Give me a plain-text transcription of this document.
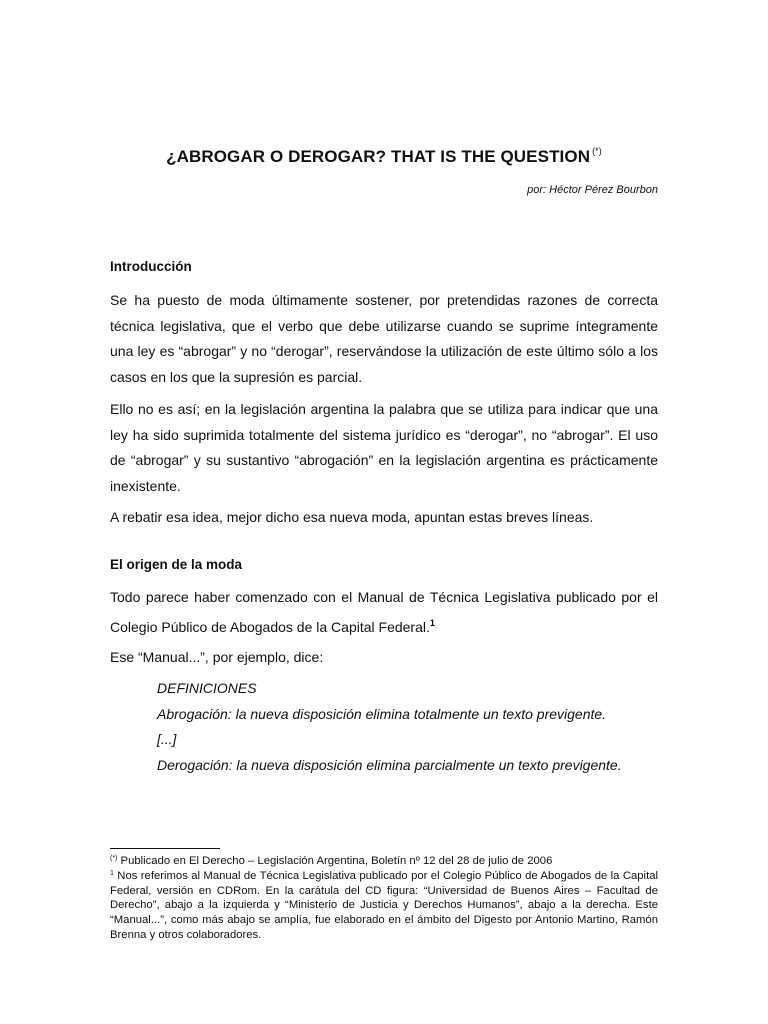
¿ABROGAR O DEROGAR? THAT IS THE QUESTION (*)
por: Héctor Pérez Bourbon
Introducción

Se ha puesto de moda últimamente sostener, por pretendidas razones de correcta técnica legislativa, que el verbo que debe utilizarse cuando se suprime íntegramente una ley es “abrogar” y no “derogar”, reservándose la utilización de este último sólo a los casos en los que la supresión es parcial.

Ello no es así; en la legislación argentina la palabra que se utiliza para indicar que una ley ha sido suprimida totalmente del sistema jurídico es “derogar”, no “abrogar”. El uso de “abrogar” y su sustantivo “abrogación” en la legislación argentina es prácticamente inexistente.

A rebatir esa idea, mejor dicho esa nueva moda, apuntan estas breves líneas.

El origen de la moda

Todo parece haber comenzado con el Manual de Técnica Legislativa publicado por el Colegio Público de Abogados de la Capital Federal.$^1$

Ese “Manual...”, por ejemplo, dice:

DEFINICIONES
Abrogación: la nueva disposición elimina totalmente un texto previgente.
[...]
Derogación: la nueva disposición elimina parcialmente un texto previgente.

(*) Publicado en El Derecho – Legislación Argentina, Boletín nº 12 del 28 de julio de 2006

$^1$ Nos referimos al Manual de Técnica Legislativa publicado por el Colegio Público de Abogados de la Capital Federal, versión en CDRom. En la carátula del CD figura: “Universidad de Buenos Aires – Facultad de Derecho”, abajo a la izquierda y “Ministerio de Justicia y Derechos Humanos”, abajo a la derecha. Este “Manual...”, como más abajo se amplía, fue elaborado en el ámbito del Digesto por Antonio Martino, Ramón Brenna y otros colaboradores.
